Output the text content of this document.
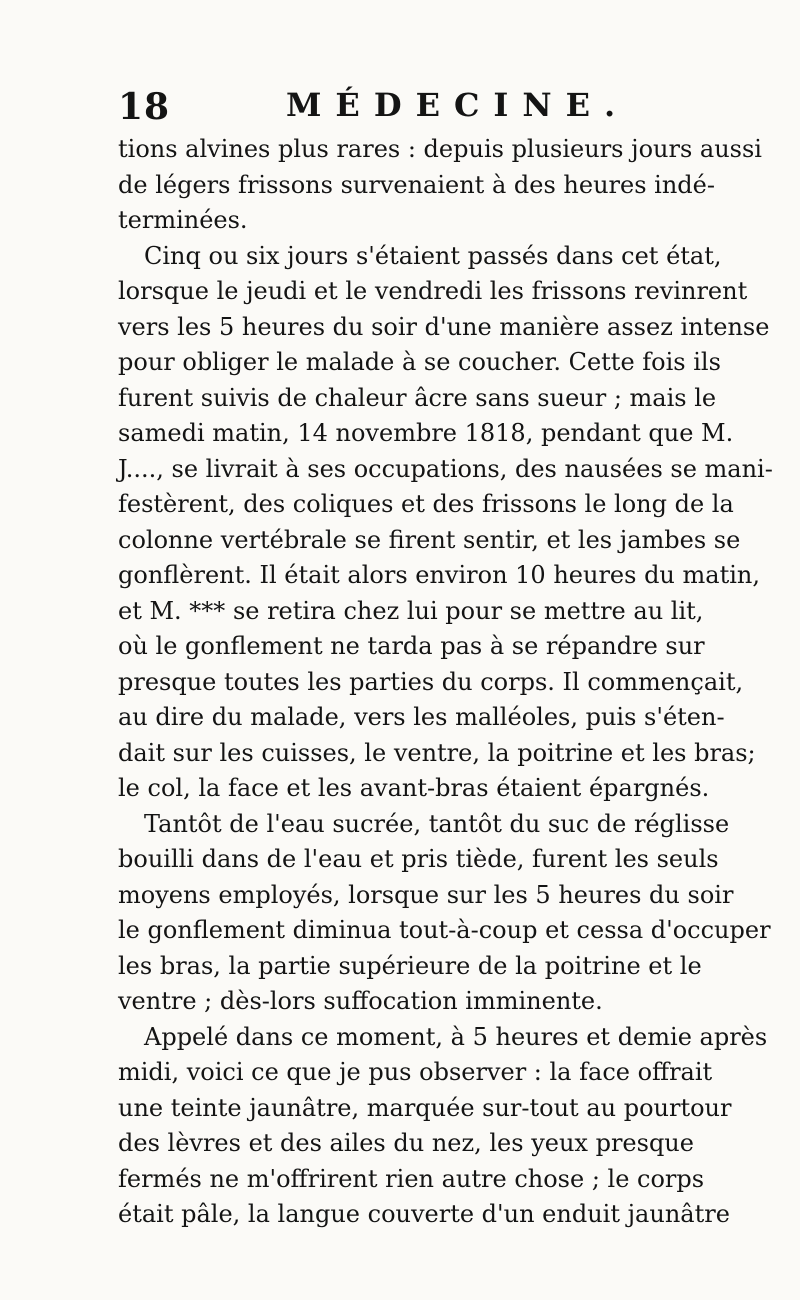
18	MÉDECINE.
tions alvines plus rares : depuis plusieurs jours aussi
de légers frissons survenaient à des heures indé-
terminées.
Cinq ou six jours s'étaient passés dans cet état,
lorsque le jeudi et le vendredi les frissons revinrent
vers les 5 heures du soir d'une manière assez intense
pour obliger le malade à se coucher. Cette fois ils
furent suivis de chaleur âcre sans sueur ; mais le
samedi matin, 14 novembre 1818, pendant que M.
J...., se livrait à ses occupations, des nausées se mani-
festèrent, des coliques et des frissons le long de la
colonne vertébrale se firent sentir, et les jambes se
gonflèrent. Il était alors environ 10 heures du matin,
et M. *** se retira chez lui pour se mettre au lit,
où le gonflement ne tarda pas à se répandre sur
presque toutes les parties du corps. Il commençait,
au dire du malade, vers les malléoles, puis s'éten-
dait sur les cuisses, le ventre, la poitrine et les bras;
le col, la face et les avant-bras étaient épargnés.
Tantôt de l'eau sucrée, tantôt du suc de réglisse
bouilli dans de l'eau et pris tiède, furent les seuls
moyens employés, lorsque sur les 5 heures du soir
le gonflement diminua tout-à-coup et cessa d'occuper
les bras, la partie supérieure de la poitrine et le
ventre ; dès-lors suffocation imminente.
Appelé dans ce moment, à 5 heures et demie après
midi, voici ce que je pus observer : la face offrait
une teinte jaunâtre, marquée sur-tout au pourtour
des lèvres et des ailes du nez, les yeux presque
fermés ne m'offrirent rien autre chose ; le corps
était pâle, la langue couverte d'un enduit jaunâtre
